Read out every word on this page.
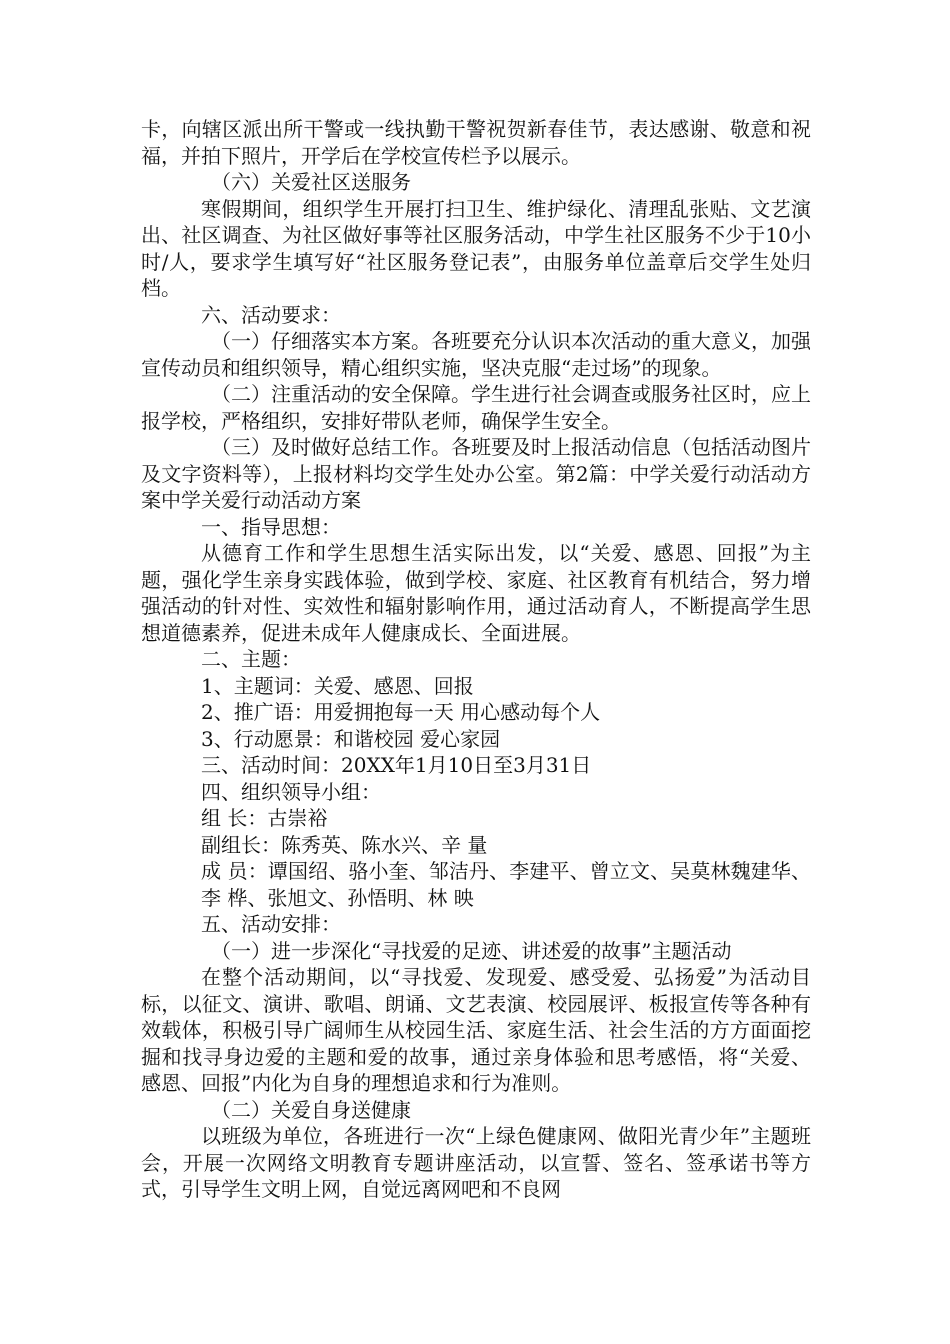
卡，向辖区派出所干警或一线执勤干警祝贺新春佳节，表达感谢、敬意和祝福，并拍下照片，开学后在学校宣传栏予以展示。

（六）关爱社区送服务

寒假期间，组织学生开展打扫卫生、维护绿化、清理乱张贴、文艺演出、社区调查、为社区做好事等社区服务活动，中学生社区服务不少于10小时/人，要求学生填写好“社区服务登记表”，由服务单位盖章后交学生处归档。

六、活动要求：

（一）仔细落实本方案。各班要充分认识本次活动的重大意义，加强宣传动员和组织领导，精心组织实施，坚决克服“走过场”的现象。

（二）注重活动的安全保障。学生进行社会调查或服务社区时，应上报学校，严格组织，安排好带队老师，确保学生安全。

（三）及时做好总结工作。各班要及时上报活动信息（包括活动图片及文字资料等），上报材料均交学生处办公室。第2篇：中学关爱行动活动方案中学关爱行动活动方案

一、指导思想：

从德育工作和学生思想生活实际出发，以“关爱、感恩、回报”为主题，强化学生亲身实践体验，做到学校、家庭、社区教育有机结合，努力增强活动的针对性、实效性和辐射影响作用，通过活动育人，不断提高学生思想道德素养，促进未成年人健康成长、全面进展。

二、主题：

1、主题词：关爱、感恩、回报

2、推广语：用爱拥抱每一天 用心感动每个人

3、行动愿景：和谐校园 爱心家园

三、活动时间：20XX年1月10日至3月31日

四、组织领导小组：

组 长：古崇裕

副组长：陈秀英、陈水兴、辛 量

成 员：谭国绍、骆小奎、邹洁丹、李建平、曾立文、吴莫林魏建华、李 桦、张旭文、孙悟明、林 映

五、活动安排：

（一）进一步深化“寻找爱的足迹、讲述爱的故事”主题活动

在整个活动期间，以“寻找爱、发现爱、感受爱、弘扬爱”为活动目标，以征文、演讲、歌唱、朗诵、文艺表演、校园展评、板报宣传等各种有效载体，积极引导广阔师生从校园生活、家庭生活、社会生活的方方面面挖掘和找寻身边爱的主题和爱的故事，通过亲身体验和思考感悟，将“关爱、感恩、回报”内化为自身的理想追求和行为准则。

（二）关爱自身送健康

以班级为单位，各班进行一次“上绿色健康网、做阳光青少年”主题班会，开展一次网络文明教育专题讲座活动，以宣誓、签名、签承诺书等方式，引导学生文明上网，自觉远离网吧和不良网
